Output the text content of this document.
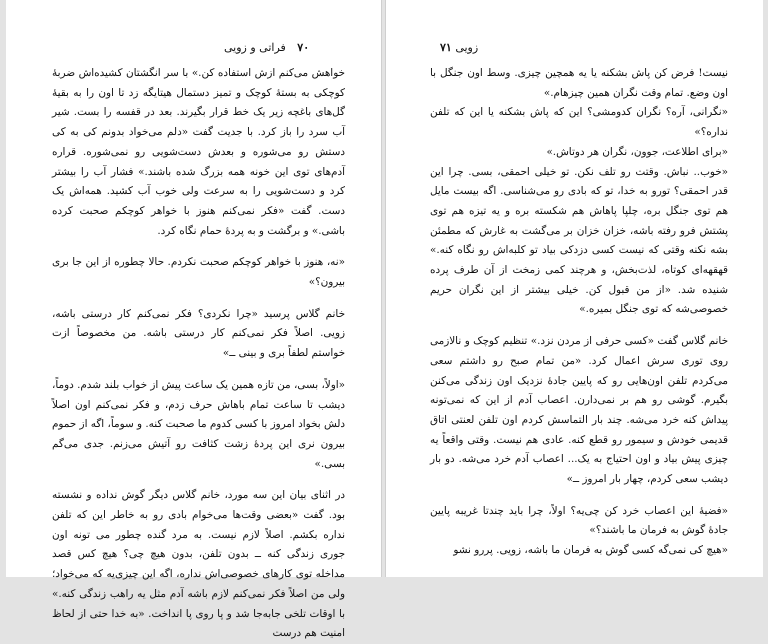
۷۰ فراتی و زویی

خواهش می‌کنم ازش استفاده کن.» با سر انگشتان کشیده‌اش ضربهٔ کوچکی به بستهٔ کوچک و تمیز دستمال هیتایگه زد تا اون را به بقیهٔ گل‌های باغچه زیر یک خط قرار بگیرند. بعد در قفسه را بست. شیر آب سرد را باز کرد. با جدیت گفت «دلم می‌خواد بدونم کی به کی دستش رو می‌شوره و بعدش دست‌شویی رو نمی‌شوره. قراره آدم‌های توی این خونه همه بزرگ شده باشند.» فشار آب را بیشتر کرد و دست‌شویی را به سرعت ولی خوب آب کشید. همه‌اش یک دست. گفت «فکر نمی‌کنم هنوز با خواهر کوچکم صحبت کرده باشی.» و برگشت و به پردهٔ حمام نگاه کرد.

«نه، هنوز با خواهر کوچکم صحبت نکردم. حالا چطوره از این جا بری بیرون؟»

خانم گلاس پرسید «چرا نکردی؟ فکر نمی‌کنم کار درستی باشه، زویی. اصلاً فکر نمی‌کنم کار درستی باشه. من مخصوصاً ازت خواستم لطفاً بری و بینی ــ»

«اولاً، بسی، من تازه همین یک ساعت پیش از خواب بلند شدم. دوماً، دیشب تا ساعت تمام باهاش حرف زدم، و فکر نمی‌کنم اون اصلاً دلش بخواد امروز با کسی کدوم ما صحبت کنه. و سوماً، اگه از حموم بیرون نری این پردهٔ زشت کثافت رو آتیش می‌زنم. جدی می‌گم بسی.»

در اثنای بیان این سه مورد، خانم گلاس دیگر گوش نداده و نشسته بود. گفت «بعضی وقت‌ها می‌خوام بادی رو به خاطر این که تلفن نداره بکشم. اصلاً لازم نیست. به مرد گنده چطور می تونه اون جوری زندگی کنه ــ بدون تلفن، بدون هیچ چی؟ هیچ کس قصد مداخله توی کارهای خصوصی‌اش نداره، اگه این چیزی‌یه که می‌خواد؛ ولی من اصلاً فکر نمی‌کنم لازم باشه آدم مثل یه راهب زندگی کنه.» با اوقات تلخی جابه‌جا شد و پا روی پا انداخت. «به خدا حتی از لحاظ امنیت هم درست

زویی ۷۱

نیست! فرض کن پاش بشکنه یا یه همچین چیزی. وسط اون جنگل با اون وضع. تمام وقت نگران همین چیزهام.»

«نگرانی، آره؟ نگران کدومشی؟ این که پاش بشکنه یا این که تلفن نداره؟»

«برای اطلاعت، جوون، نگران هر دوتاش.»

«خوب.. نباش. وقتت رو تلف نکن. تو خیلی احمقی، بسی. چرا این قدر احمقی؟ تورو به خدا، تو که بادی رو می‌شناسی. اگه بیست مایل هم توی جنگل بره، چلپا پاهاش هم شکسته بره و یه تیزه هم توی پشتش فرو رفته باشه، خزان خزان بر می‌گشت به غارش که مطمئن بشه نکنه وقتی که نیست کسی دزدکی بیاد تو کلبه‌اش رو نگاه کنه.» قهقهه‌ای کوتاه، لذت‌بخش، و هرچند کمی زمخت از آن طرف پرده شنیده شد. «از من قبول کن. خیلی بیشتر از این نگران حریم خصوصی‌شه که توی جنگل بمیره.»

خانم گلاس گفت «کسی حرفی از مردن نزد.» تنظیم کوچک و نالازمی روی توری سرش اعمال کرد. «من تمام صبح رو داشتم سعی می‌کردم تلفن اون‌هایی رو که پایین جادهٔ نزدیک اون زندگی می‌کنن بگیرم. گوشی رو هم بر نمی‌دارن. اعصاب آدم از این که نمی‌تونه پیداش کنه خرد می‌شه. چند بار التماسش کردم اون تلفن لعنتی اتاق قدیمی خودش و سیمور رو قطع کنه. عادی هم نیست. وقتی واقعاً یه چیزی پیش بیاد و اون احتیاج به یک... اعصاب آدم خرد می‌شه. دو بار دیشب سعی کردم، چهار بار امروز ــ»

«فضیهٔ این اعصاب خرد کن چی‌یه؟ اولاً، چرا باید چندتا غریبه پایین جادهٔ گوش به فرمان ما باشند؟»

«هیچ کی نمی‌گه کسی گوش به فرمان ما باشه، زویی. پررو نشو
